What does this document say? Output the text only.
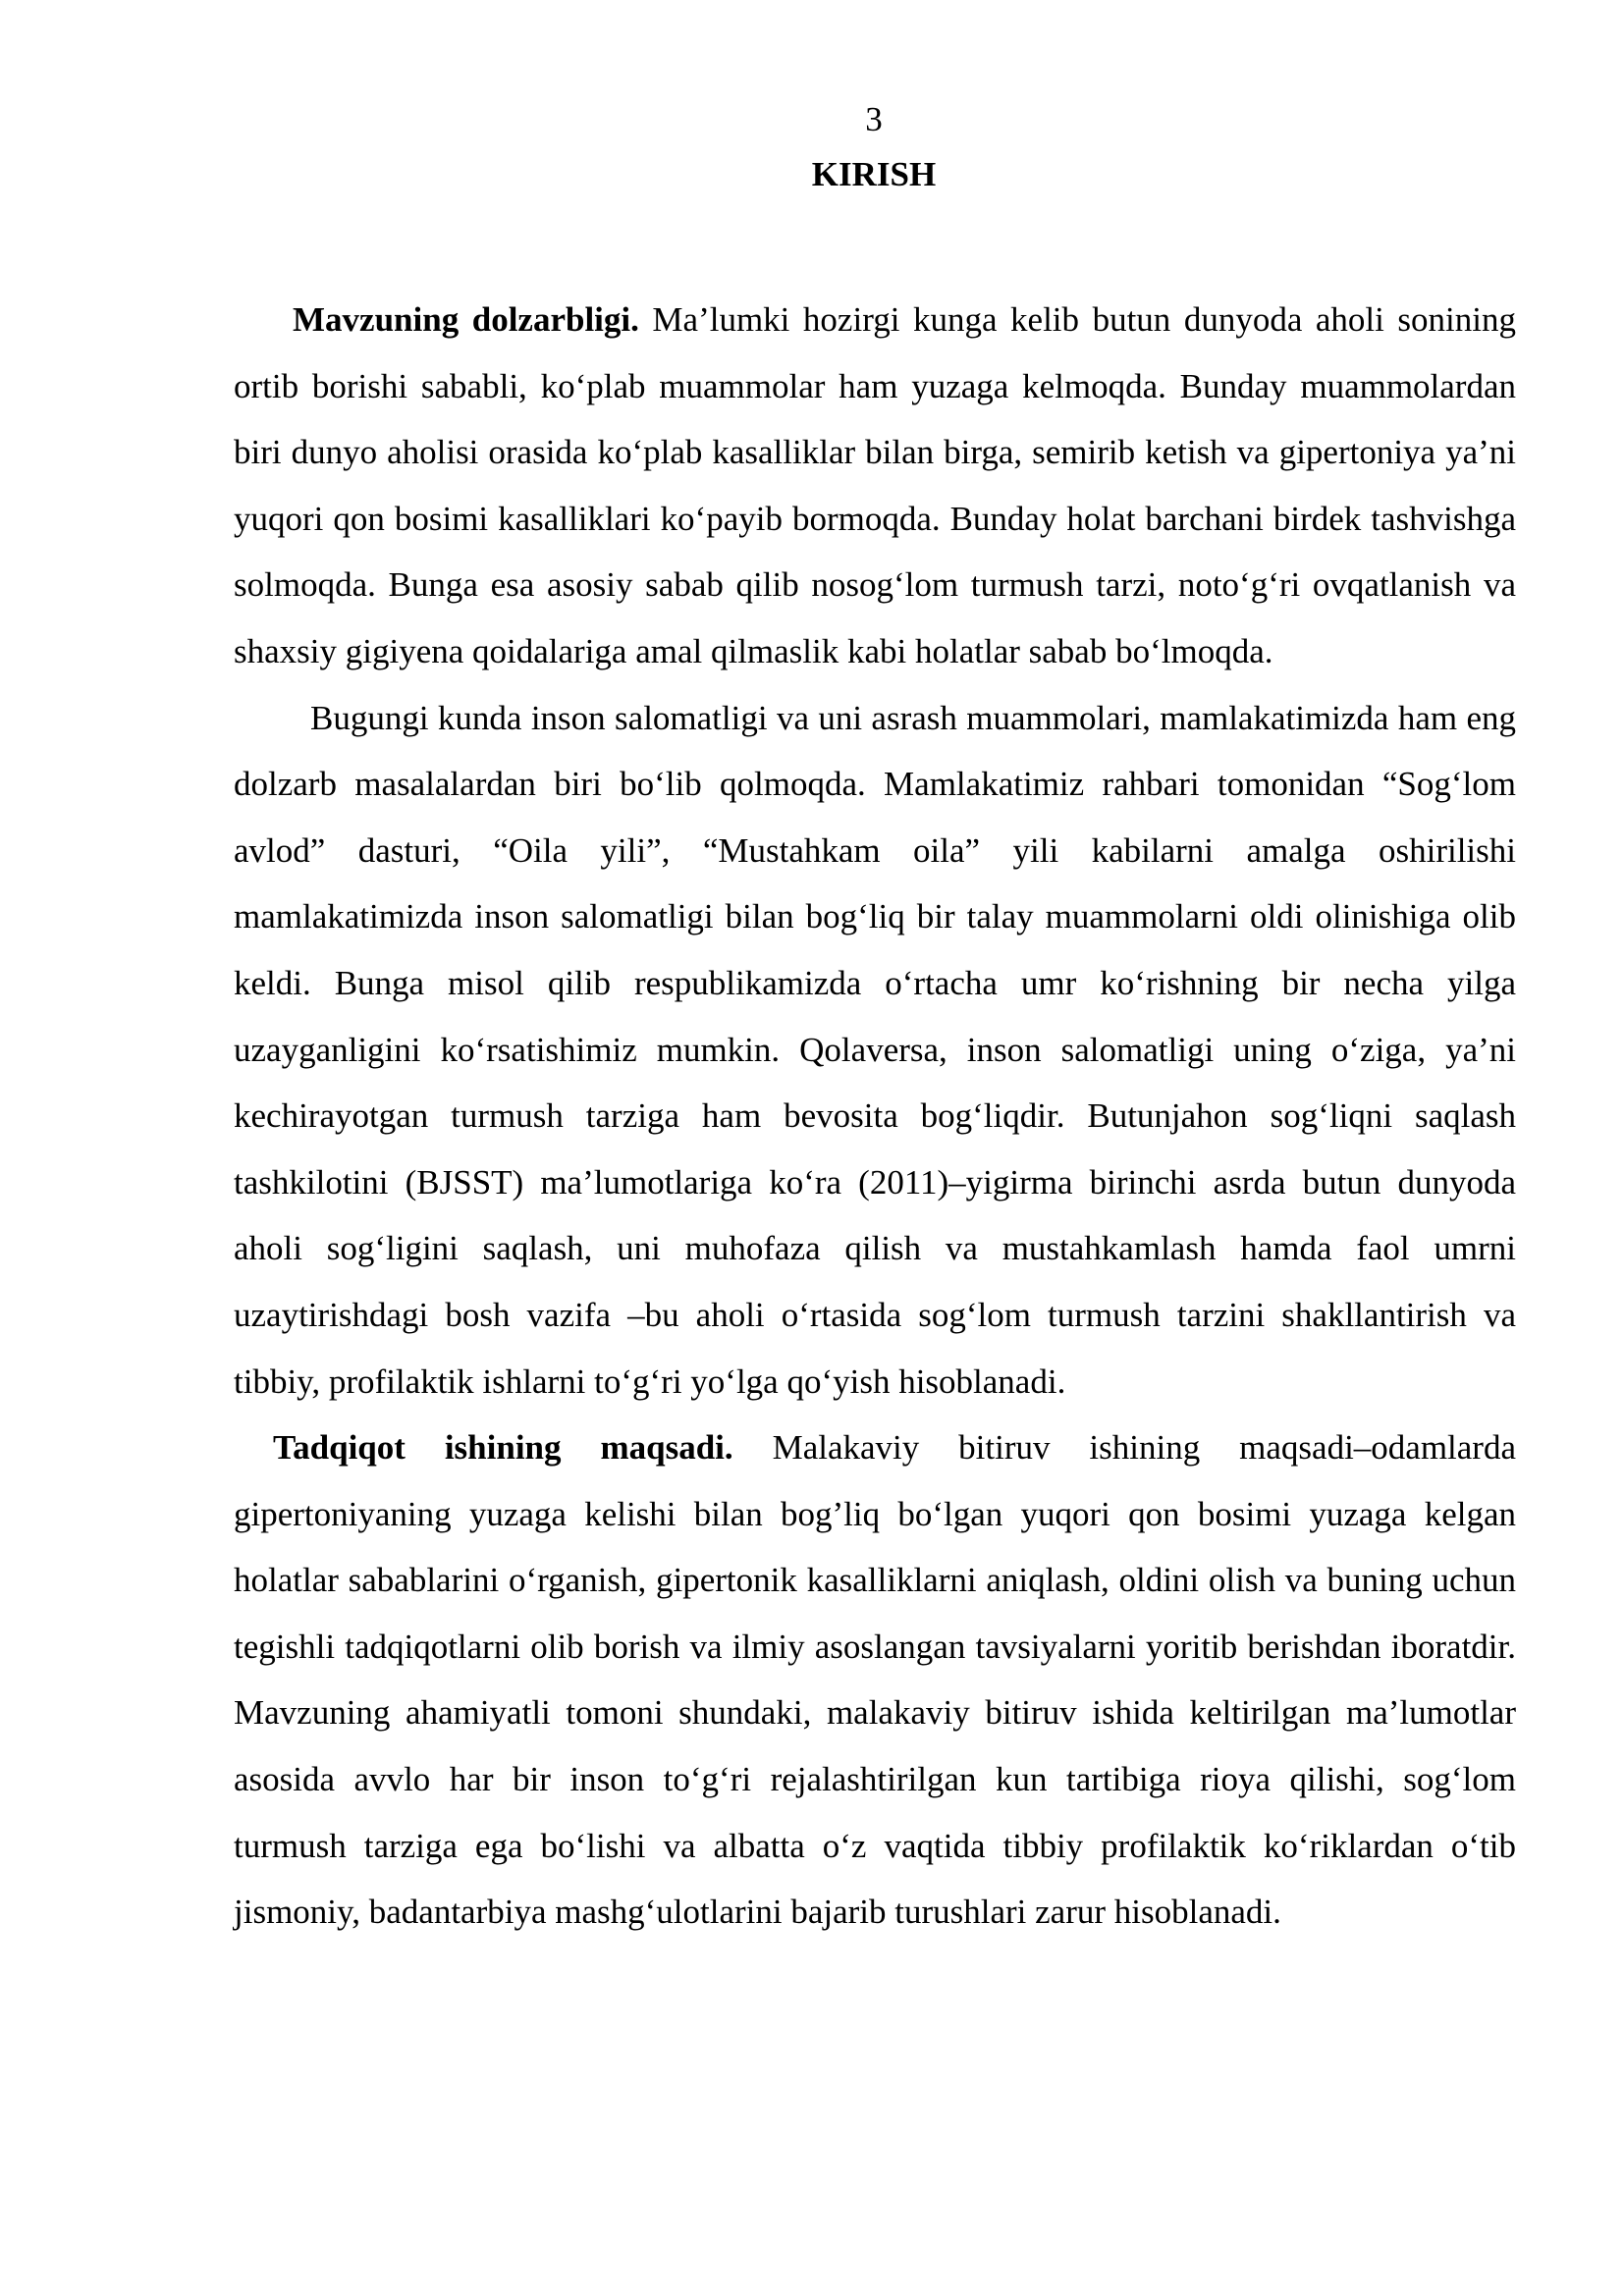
3
KIRISH

Mavzuning dolzarbligi. Ma’lumki hozirgi kunga kelib butun dunyoda aholi sonining ortib borishi sababli, ko‘plab muammolar ham yuzaga kelmoqda. Bunday muammolardan biri dunyo aholisi orasida ko‘plab kasalliklar bilan birga, semirib ketish va gipertoniya ya’ni yuqori qon bosimi kasalliklari ko‘payib bormoqda. Bunday holat barchani birdek tashvishga solmoqda. Bunga esa asosiy sabab qilib nosog‘lom turmush tarzi, noto‘g‘ri ovqatlanish va shaxsiy gigiyena qoidalariga amal qilmaslik kabi holatlar sabab bo‘lmoqda.

Bugungi kunda inson salomatligi va uni asrash muammolari, mamlakatimizda ham eng dolzarb masalalardan biri bo‘lib qolmoqda. Mamlakatimiz rahbari tomonidan “Sog‘lom avlod” dasturi, “Oila yili”, “Mustahkam oila” yili kabilarni amalga oshirilishi mamlakatimizda inson salomatligi bilan bog‘liq bir talay muammolarni oldi olinishiga olib keldi. Bunga misol qilib respublikamizda o‘rtacha umr ko‘rishning bir necha yilga uzayganligini ko‘rsatishimiz mumkin. Qolaversa, inson salomatligi uning o‘ziga, ya’ni kechirayotgan turmush tarziga ham bevosita bog‘liqdir. Butunjahon sog‘liqni saqlash tashkilotini (BJSST) ma’lumotlariga ko‘ra (2011)–yigirma birinchi asrda butun dunyoda aholi sog‘ligini saqlash, uni muhofaza qilish va mustahkamlash hamda faol umrni uzaytirishdagi bosh vazifa –bu aholi o‘rtasida sog‘lom turmush tarzini shakllantirish va tibbiy, profilaktik ishlarni to‘g‘ri yo‘lga qo‘yish hisoblanadi.

Tadqiqot ishining maqsadi. Malakaviy bitiruv ishining maqsadi–odamlarda gipertoniyaning yuzaga kelishi bilan bog’liq bo‘lgan yuqori qon bosimi yuzaga kelgan holatlar sabablarini o‘rganish, gipertonik kasalliklarni aniqlash, oldini olish va buning uchun tegishli tadqiqotlarni olib borish va ilmiy asoslangan tavsiyalarni yoritib berishdan iboratdir. Mavzuning ahamiyatli tomoni shundaki, malakaviy bitiruv ishida keltirilgan ma’lumotlar asosida avvlo har bir inson to‘g‘ri rejalashtirilgan kun tartibiga rioya qilishi, sog‘lom turmush tarziga ega bo‘lishi va albatta o‘z vaqtida tibbiy profilaktik ko‘riklardan o‘tib jismoniy, badantarbiya mashg‘ulotlarini bajarib turushlari zarur hisoblanadi.
